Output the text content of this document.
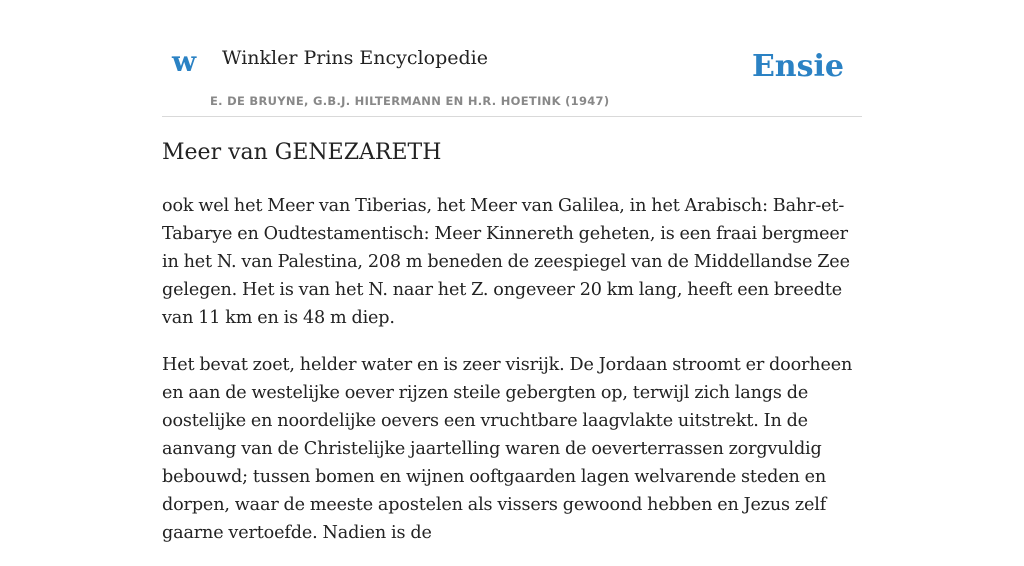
w Winkler Prins Encyclopedie
E. DE BRUYNE, G.B.J. HILTERMANN EN H.R. HOETINK (1947)
Ensie
Meer van GENEZARETH

ook wel het Meer van Tiberias, het Meer van Galilea, in het Arabisch: Bahr-et-Tabarye en Oudtestamentisch: Meer Kinnereth geheten, is een fraai bergmeer in het N. van Palestina, 208 m beneden de zeespiegel van de Middellandse Zee gelegen. Het is van het N. naar het Z. ongeveer 20 km lang, heeft een breedte van 11 km en is 48 m diep.

Het bevat zoet, helder water en is zeer visrijk. De Jordaan stroomt er doorheen en aan de westelijke oever rijzen steile gebergten op, terwijl zich langs de oostelijke en noordelijke oevers een vruchtbare laagvlakte uitstrekt. In de aanvang van de Christelijke jaartelling waren de oeverterrassen zorgvuldig bebouwd; tussen bomen en wijnen ooftgaarden lagen welvarende steden en dorpen, waar de meeste apostelen als vissers gewoond hebben en Jezus zelf gaarne vertoefde. Nadien is de
